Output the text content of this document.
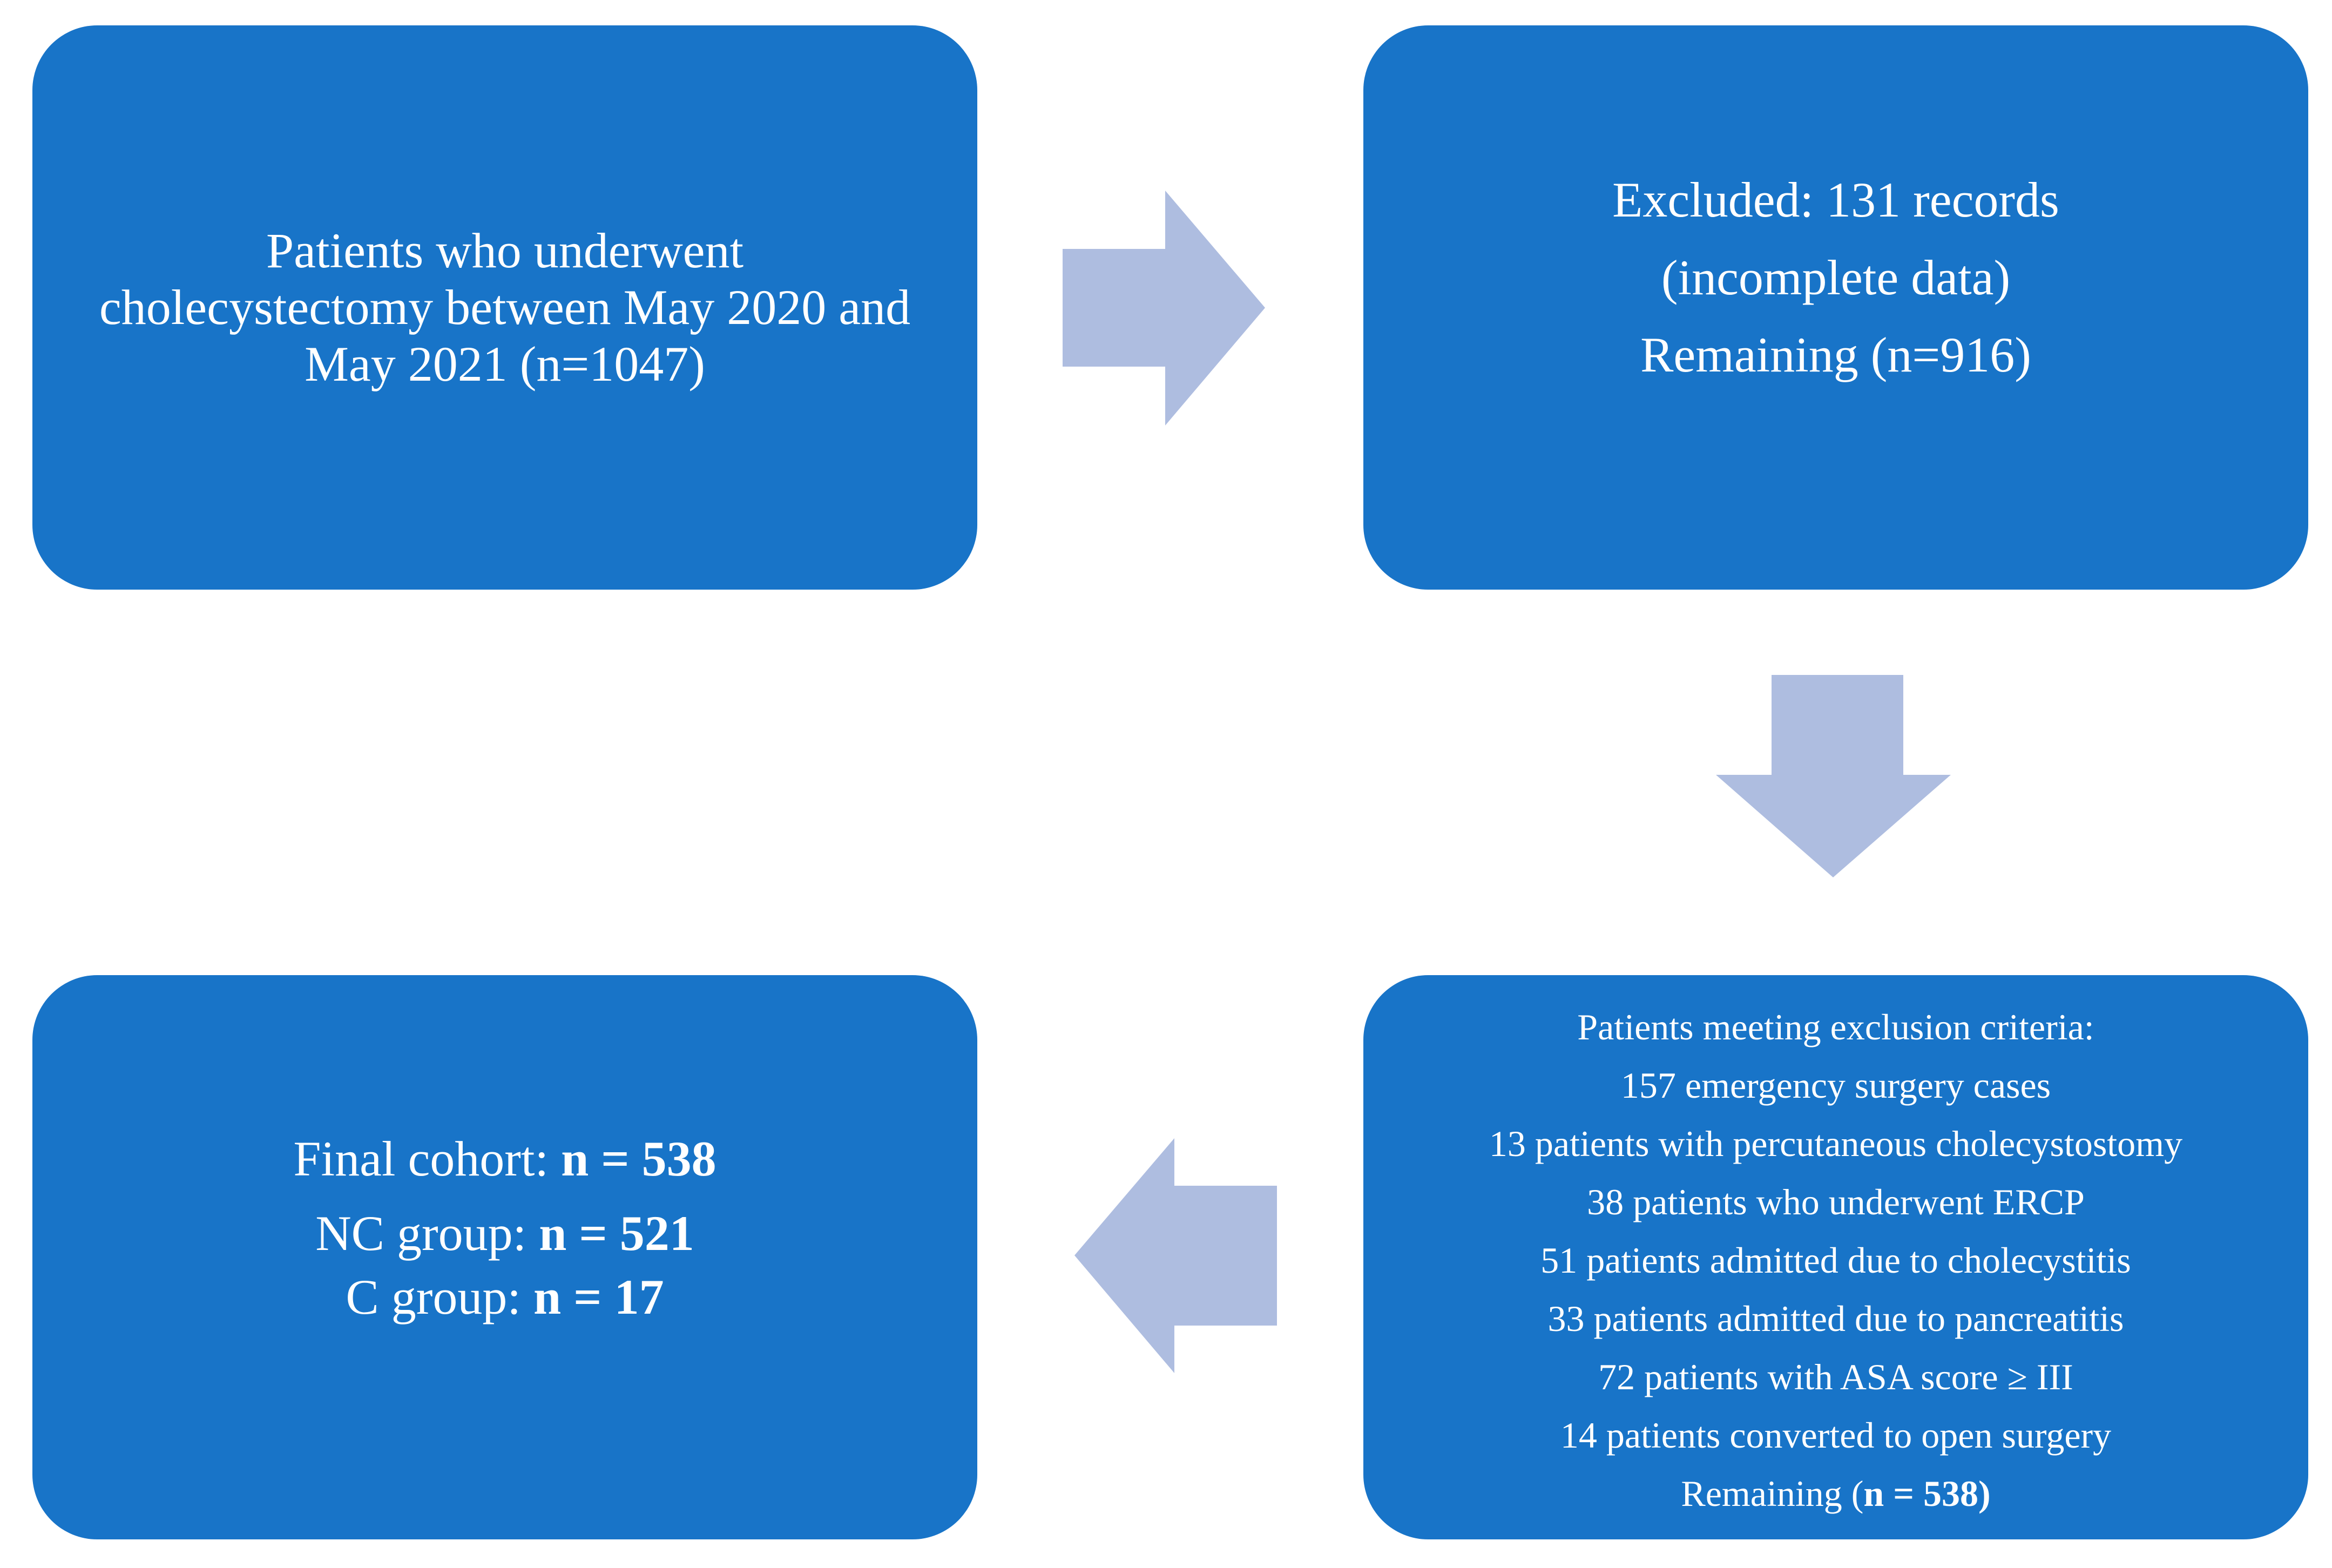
Patients who underwent
cholecystectomy between May 2020 and
May 2021 (n=1047)
Excluded: 131 records
(incomplete data)
Remaining (n=916)
Patients meeting exclusion criteria:
157 emergency surgery cases
13 patients with percutaneous cholecystostomy
38 patients who underwent ERCP
51 patients admitted due to cholecystitis
33 patients admitted due to pancreatitis
72 patients with ASA score ≥ III
14 patients converted to open surgery
Remaining (n = 538)
Final cohort: n = 538
NC group: n = 521
C group: n = 17
